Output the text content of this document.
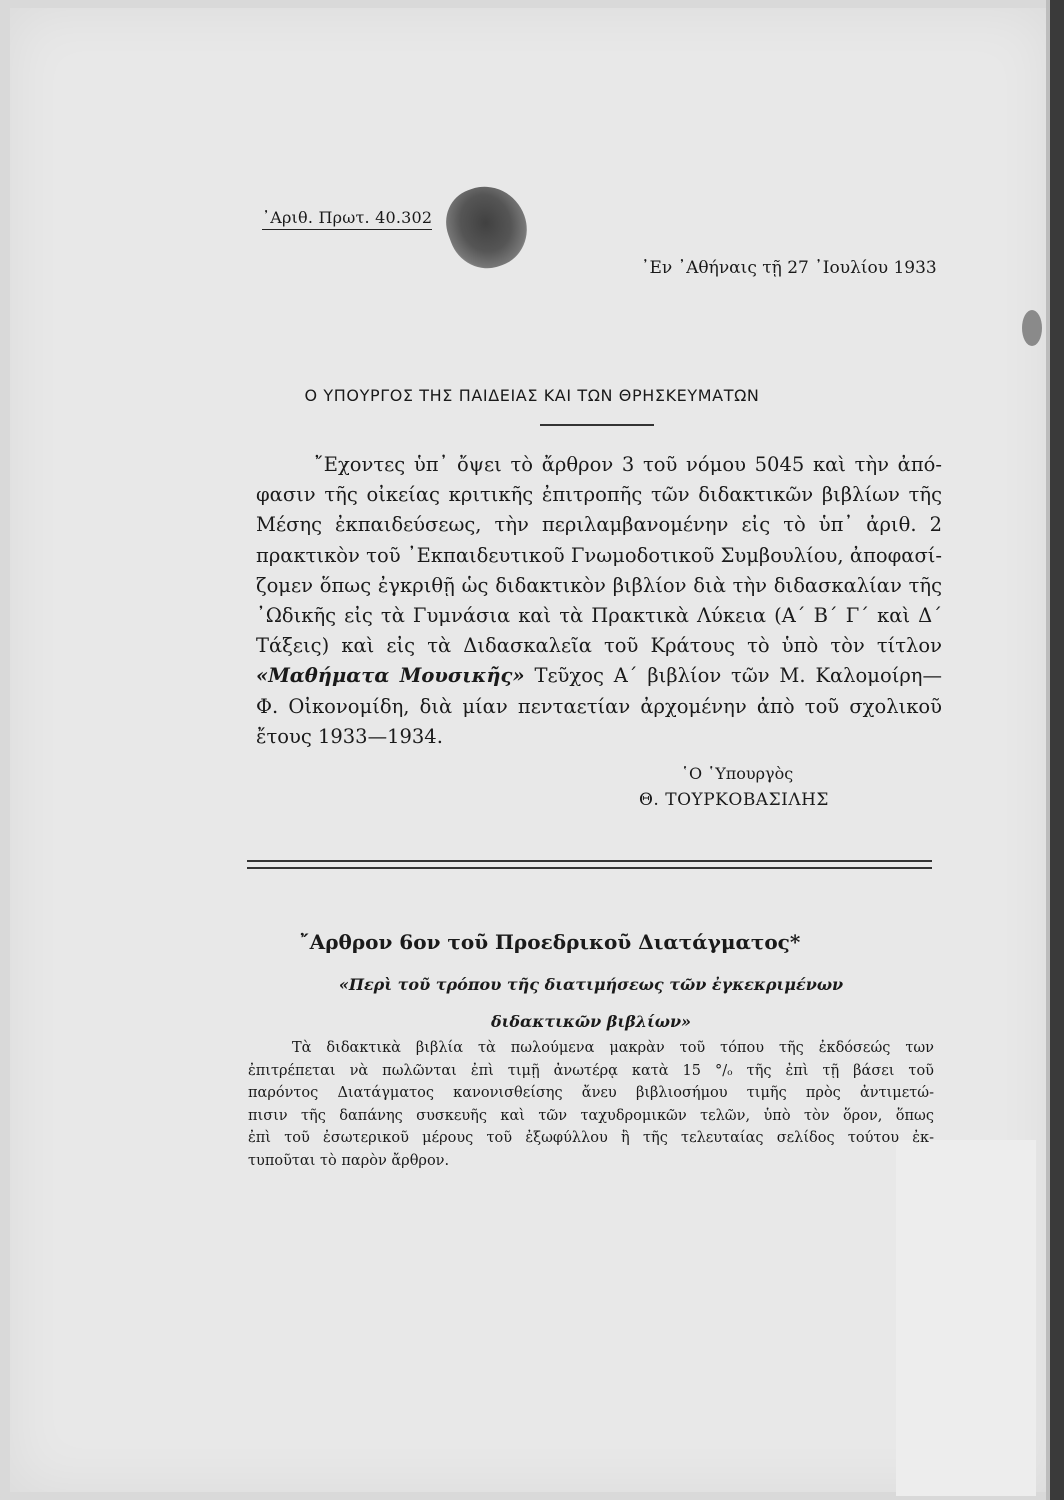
᾿Αριθ. Πρωτ. 40.302
᾿Εν ᾿Αθήναις τῇ 27 ᾿Ιουλίου 1933
Ο ΥΠΟΥΡΓΟΣ ΤΗΣ ΠΑΙΔΕΙΑΣ ΚΑΙ ΤΩΝ ΘΡΗΣΚΕΥΜΑΤΩΝ
῎Εχοντες ὑπ᾿ ὄψει τὸ ἄρθρον 3 τοῦ νόμου 5045 καὶ τὴν ἀπό-
φασιν τῆς οἰκείας κριτικῆς ἐπιτροπῆς τῶν διδακτικῶν βιβλίων τῆς
Μέσης ἐκπαιδεύσεως, τὴν περιλαμβανομένην εἰς τὸ ὑπ᾿ ἀριθ. 2
πρακτικὸν τοῦ ᾿Εκπαιδευτικοῦ Γνωμοδοτικοῦ Συμβουλίου, ἀποφασί-
ζομεν ὅπως ἐγκριθῇ ὡς διδακτικὸν βιβλίον διὰ τὴν διδασκαλίαν τῆς
᾿Ωδικῆς εἰς τὰ Γυμνάσια καὶ τὰ Πρακτικὰ Λύκεια (Α΄ Β΄ Γ΄ καὶ Δ΄
Τάξεις) καὶ εἰς τὰ Διδασκαλεῖα τοῦ Κράτους τὸ ὑπὸ τὸν τίτλον
«Μαθήματα Μουσικῆς» Τεῦχος Α΄ βιβλίον τῶν Μ. Καλομοίρη—
Φ. Οἰκονομίδη, διὰ μίαν πενταετίαν ἀρχομένην ἀπὸ τοῦ σχολικοῦ
ἔτους 1933—1934.
῾Ο ῾Υπουργὸς
Θ. ΤΟΥΡΚΟΒΑΣΙΛΗΣ
῎Αρθρον 6ον τοῦ Προεδρικοῦ Διατάγματος*
«Περὶ τοῦ τρόπου τῆς διατιμήσεως τῶν ἐγκεκριμένων
διδακτικῶν βιβλίων»
Τὰ διδακτικὰ βιβλία τὰ πωλούμενα μακρὰν τοῦ τόπου τῆς ἐκδόσεώς των
ἐπιτρέπεται νὰ πωλῶνται ἐπὶ τιμῇ ἀνωτέρᾳ κατὰ 15 °/ₒ τῆς ἐπὶ τῇ βάσει τοῦ
παρόντος Διατάγματος κανονισθείσης ἄνευ βιβλιοσήμου τιμῆς πρὸς ἀντιμετώ-
πισιν τῆς δαπάνης συσκευῆς καὶ τῶν ταχυδρομικῶν τελῶν, ὑπὸ τὸν ὅρον, ὅπως
ἐπὶ τοῦ ἐσωτερικοῦ μέρους τοῦ ἐξωφύλλου ἢ τῆς τελευταίας σελίδος τούτου ἐκ-
τυποῦται τὸ παρὸν ἄρθρον.
